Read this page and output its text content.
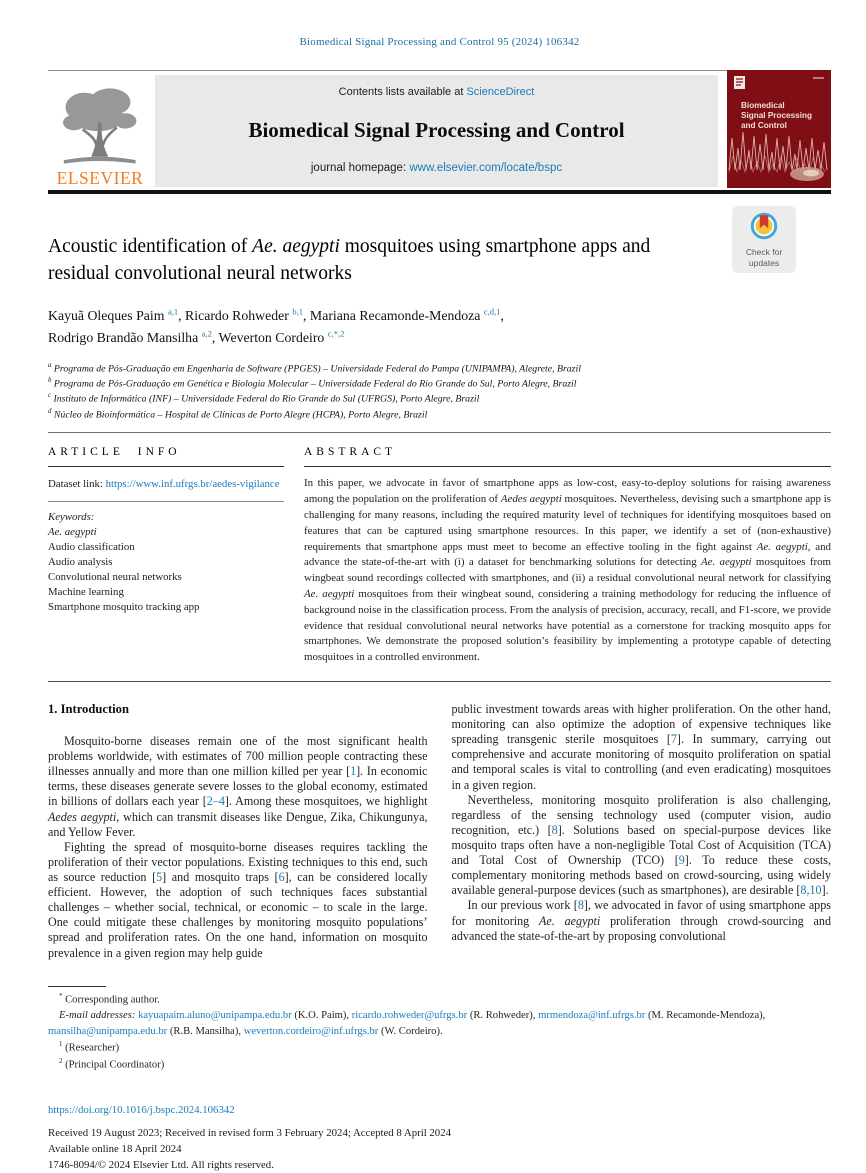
Biomedical Signal Processing and Control 95 (2024) 106342
ELSEVIER
Contents lists available at ScienceDirect
Biomedical Signal Processing and Control
journal homepage: www.elsevier.com/locate/bspc
Biomedical
Signal Processing
and Control
Check for
updates
Acoustic identification of Ae. aegypti mosquitoes using smartphone apps and
residual convolutional neural networks
Kayuã Oleques Paim $^{a,1}$, Ricardo Rohweder $^{b,1}$, Mariana Recamonde-Mendoza $^{c,d,1}$,
Rodrigo Brandão Mansilha $^{a,2}$, Weverton Cordeiro $^{c,*,2}$
$^a$ Programa de Pós-Graduação em Engenharia de Software (PPGES) – Universidade Federal do Pampa (UNIPAMPA), Alegrete, Brazil
$^b$ Programa de Pós-Graduação em Genética e Biologia Molecular – Universidade Federal do Rio Grande do Sul, Porto Alegre, Brazil
$^c$ Instituto de Informática (INF) – Universidade Federal do Rio Grande do Sul (UFRGS), Porto Alegre, Brazil
$^d$ Núcleo de Bioinformática – Hospital de Clínicas de Porto Alegre (HCPA), Porto Alegre, Brazil
ARTICLE INFO
Dataset link: https://www.inf.ufrgs.br/aedes-vigilance
Keywords:
Ae. aegypti
Audio classification
Audio analysis
Convolutional neural networks
Machine learning
Smartphone mosquito tracking app
ABSTRACT
In this paper, we advocate in favor of smartphone apps as low-cost, easy-to-deploy solutions for raising awareness among the population on the proliferation of Aedes aegypti mosquitoes. Nevertheless, devising such a smartphone app is challenging for many reasons, including the required maturity level of techniques for identifying mosquitoes based on features that can be captured using smartphone resources. In this paper, we identify a set of (non-exhaustive) requirements that smartphone apps must meet to become an effective tooling in the fight against Ae. aegypti, and advance the state-of-the-art with (i) a dataset for benchmarking solutions for detecting Ae. aegypti mosquitoes from wingbeat sound recordings collected with smartphones, and (ii) a residual convolutional neural network for classifying Ae. aegypti mosquitoes from their wingbeat sound, considering a training methodology for reducing the influence of background noise in the classification process. From the analysis of precision, accuracy, recall, and F1-score, we provide evidence that residual convolutional neural networks have potential as a cornerstone for tracking mosquito apps for smartphones. We demonstrate the proposed solution’s feasibility by implementing a prototype capable of detecting mosquitoes in a controlled environment.
1. Introduction
Mosquito-borne diseases remain one of the most significant health problems worldwide, with estimates of 700 million people contracting these illnesses annually and more than one million killed per year [1]. In economic terms, these diseases generate severe losses to the global economy, estimated in billions of dollars each year [2–4]. Among these mosquitoes, we highlight Aedes aegypti, which can transmit diseases like Dengue, Zika, Chikungunya, and Yellow Fever.
Fighting the spread of mosquito-borne diseases requires tackling the proliferation of their vector populations. Existing techniques to this end, such as source reduction [5] and mosquito traps [6], can be considered locally efficient. However, the adoption of such techniques faces substantial challenges – whether social, technical, or economic – to scale in the large. One could mitigate these challenges by monitoring mosquito populations’ spread and proliferation rates. On the one hand, information on mosquito prevalence in a given region may help guide
public investment towards areas with higher proliferation. On the other hand, monitoring can also optimize the adoption of expensive techniques like spreading transgenic sterile mosquitoes [7]. In summary, carrying out comprehensive and accurate monitoring of mosquito proliferation on spatial and temporal scales is vital to controlling (and even eradicating) mosquitoes in a given region.
Nevertheless, monitoring mosquito proliferation is also challenging, regardless of the sensing technology used (computer vision, audio recognition, etc.) [8]. Solutions based on special-purpose devices like mosquito traps often have a non-negligible Total Cost of Acquisition (TCA) and Total Cost of Ownership (TCO) [9]. To reduce these costs, complementary monitoring methods based on crowd-sourcing, using widely available general-purpose devices (such as smartphones), are desirable [8,10].
In our previous work [8], we advocated in favor of using smartphone apps for monitoring Ae. aegypti proliferation through crowd-sourcing and advanced the state-of-the-art by proposing convolutional
* Corresponding author.
E-mail addresses: kayuapaim.aluno@unipampa.edu.br (K.O. Paim), ricardo.rohweder@ufrgs.br (R. Rohweder), mrmendoza@inf.ufrgs.br (M. Recamonde-Mendoza), mansilha@unipampa.edu.br (R.B. Mansilha), weverton.cordeiro@inf.ufrgs.br (W. Cordeiro).
$^1$ (Researcher)
$^2$ (Principal Coordinator)
https://doi.org/10.1016/j.bspc.2024.106342
Received 19 August 2023; Received in revised form 3 February 2024; Accepted 8 April 2024
Available online 18 April 2024
1746-8094/© 2024 Elsevier Ltd. All rights reserved.
